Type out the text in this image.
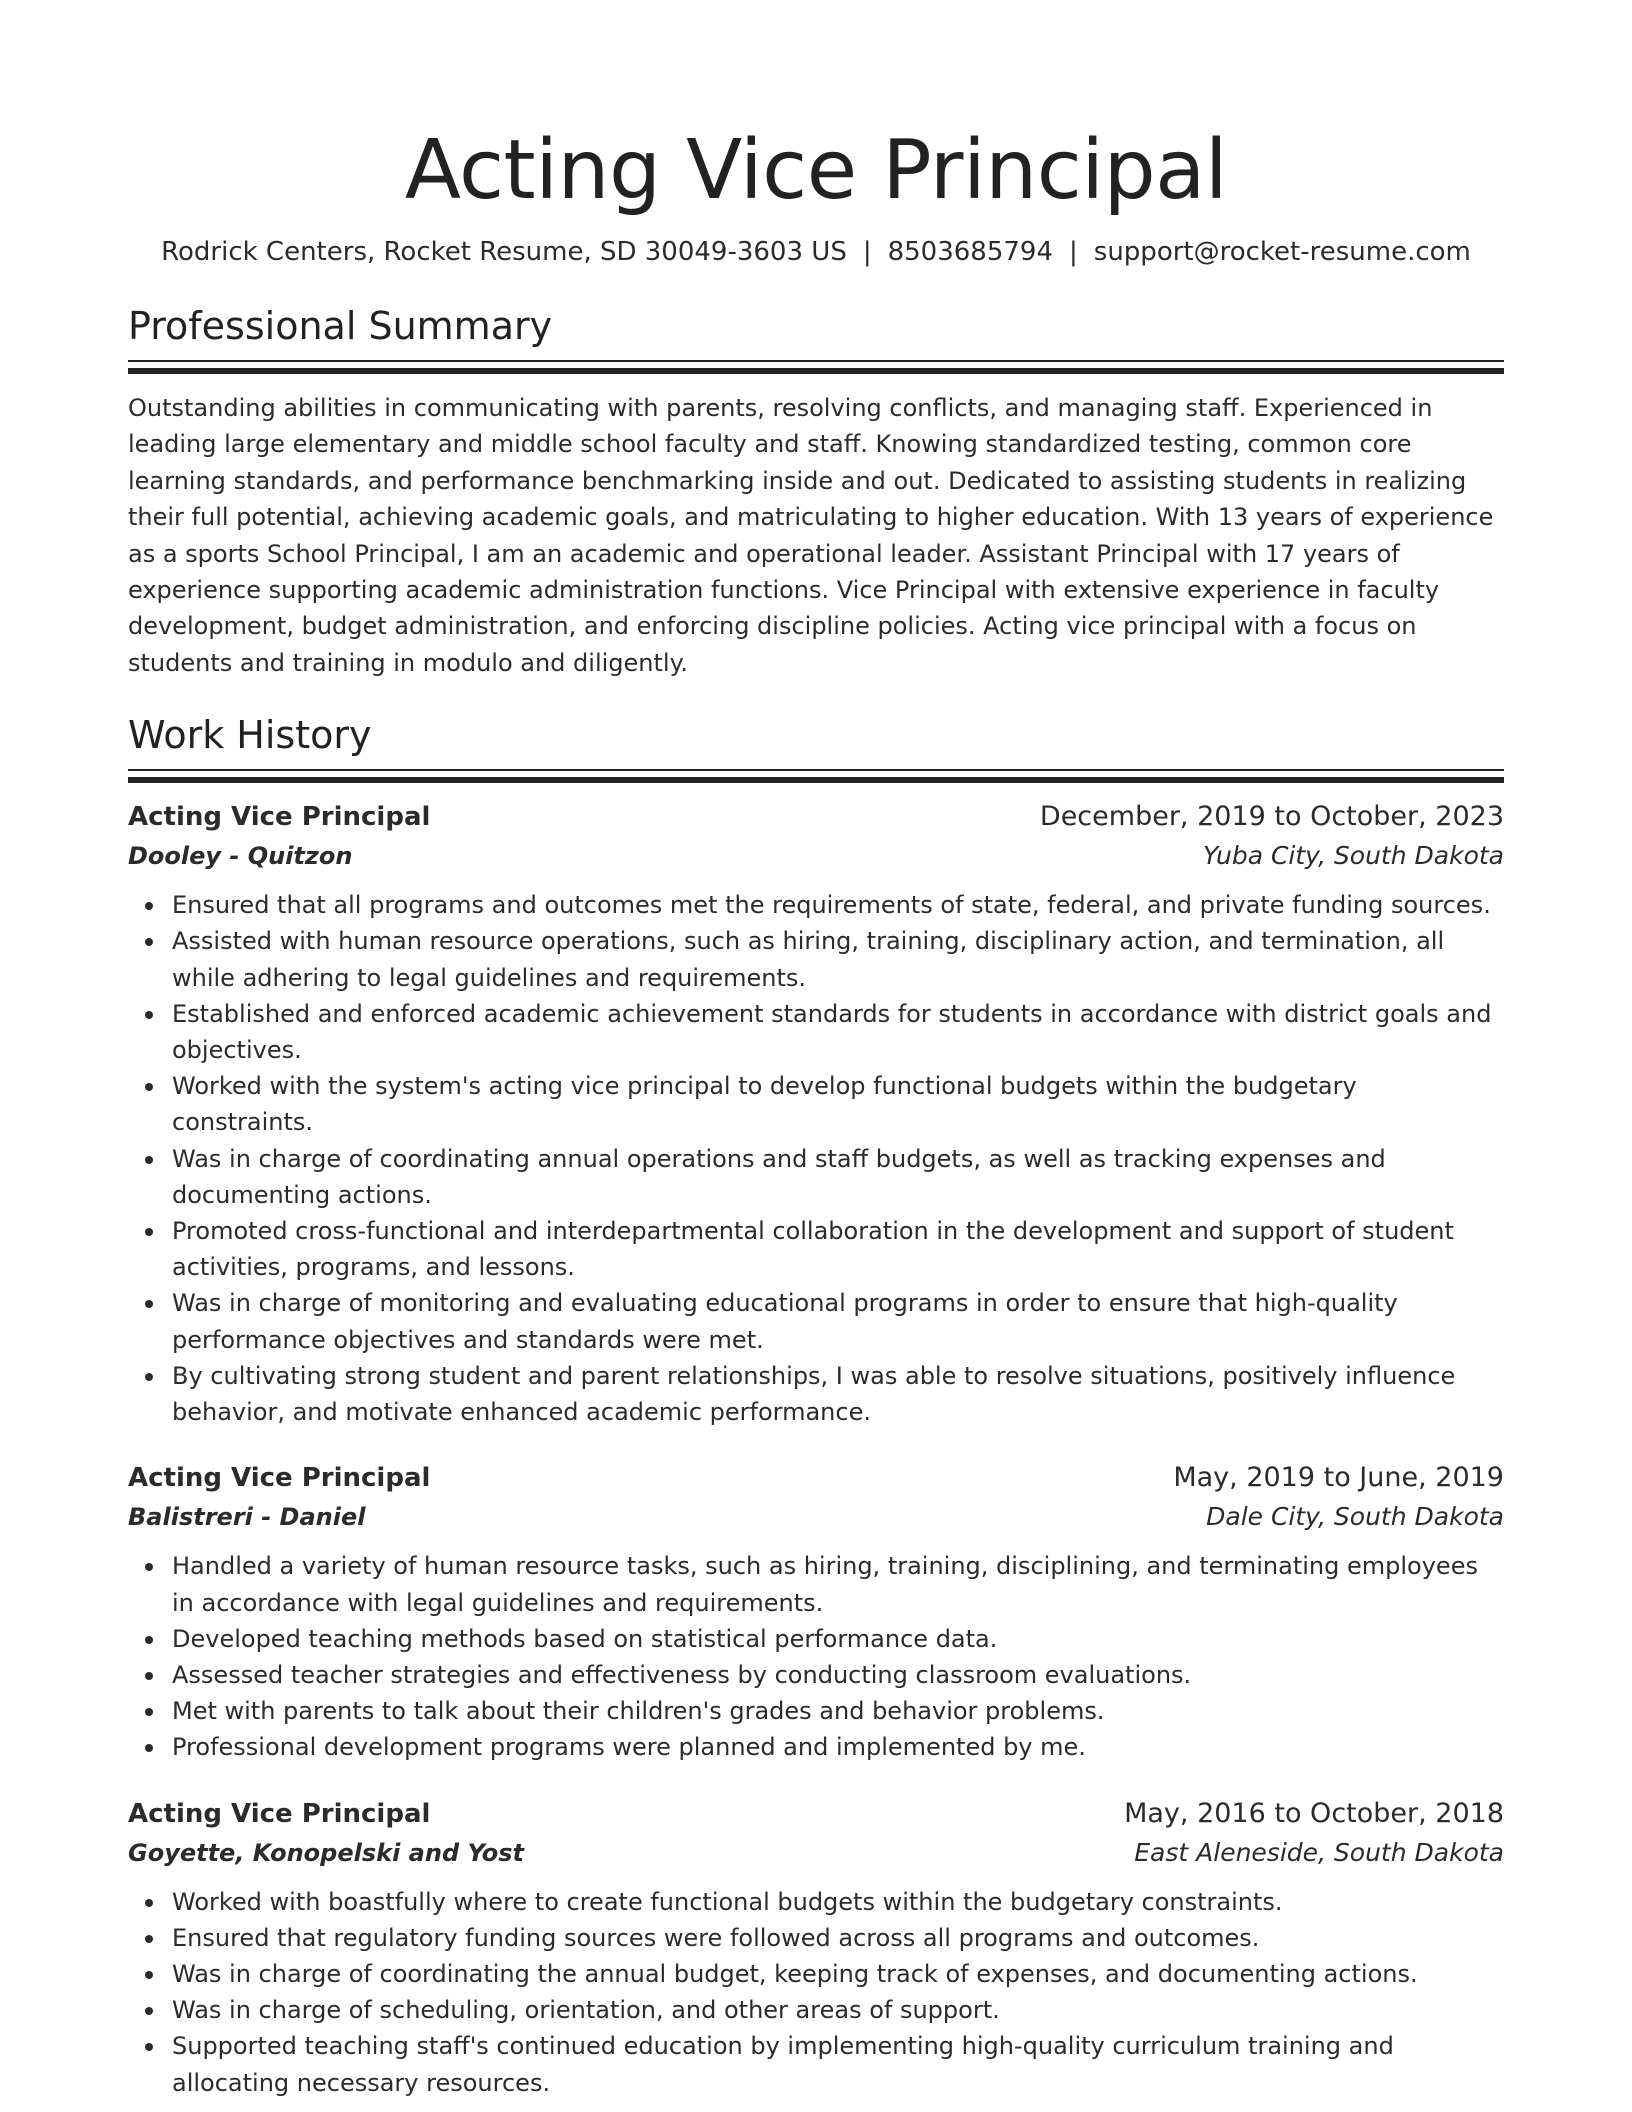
Acting Vice Principal
Rodrick Centers, Rocket Resume, SD 30049-3603 US | 8503685794 | support@rocket-resume.com
Professional Summary
Outstanding abilities in communicating with parents, resolving conflicts, and managing staff. Experienced in leading large elementary and middle school faculty and staff. Knowing standardized testing, common core learning standards, and performance benchmarking inside and out. Dedicated to assisting students in realizing their full potential, achieving academic goals, and matriculating to higher education. With 13 years of experience as a sports School Principal, I am an academic and operational leader. Assistant Principal with 17 years of experience supporting academic administration functions. Vice Principal with extensive experience in faculty development, budget administration, and enforcing discipline policies. Acting vice principal with a focus on students and training in modulo and diligently.
Work History
Acting Vice Principal	December, 2019 to October, 2023
Dooley - Quitzon	Yuba City, South Dakota
Ensured that all programs and outcomes met the requirements of state, federal, and private funding sources.
Assisted with human resource operations, such as hiring, training, disciplinary action, and termination, all while adhering to legal guidelines and requirements.
Established and enforced academic achievement standards for students in accordance with district goals and objectives.
Worked with the system's acting vice principal to develop functional budgets within the budgetary constraints.
Was in charge of coordinating annual operations and staff budgets, as well as tracking expenses and documenting actions.
Promoted cross-functional and interdepartmental collaboration in the development and support of student activities, programs, and lessons.
Was in charge of monitoring and evaluating educational programs in order to ensure that high-quality performance objectives and standards were met.
By cultivating strong student and parent relationships, I was able to resolve situations, positively influence behavior, and motivate enhanced academic performance.
Acting Vice Principal	May, 2019 to June, 2019
Balistreri - Daniel	Dale City, South Dakota
Handled a variety of human resource tasks, such as hiring, training, disciplining, and terminating employees in accordance with legal guidelines and requirements.
Developed teaching methods based on statistical performance data.
Assessed teacher strategies and effectiveness by conducting classroom evaluations.
Met with parents to talk about their children's grades and behavior problems.
Professional development programs were planned and implemented by me.
Acting Vice Principal	May, 2016 to October, 2018
Goyette, Konopelski and Yost	East Aleneside, South Dakota
Worked with boastfully where to create functional budgets within the budgetary constraints.
Ensured that regulatory funding sources were followed across all programs and outcomes.
Was in charge of coordinating the annual budget, keeping track of expenses, and documenting actions.
Was in charge of scheduling, orientation, and other areas of support.
Supported teaching staff's continued education by implementing high-quality curriculum training and allocating necessary resources.
